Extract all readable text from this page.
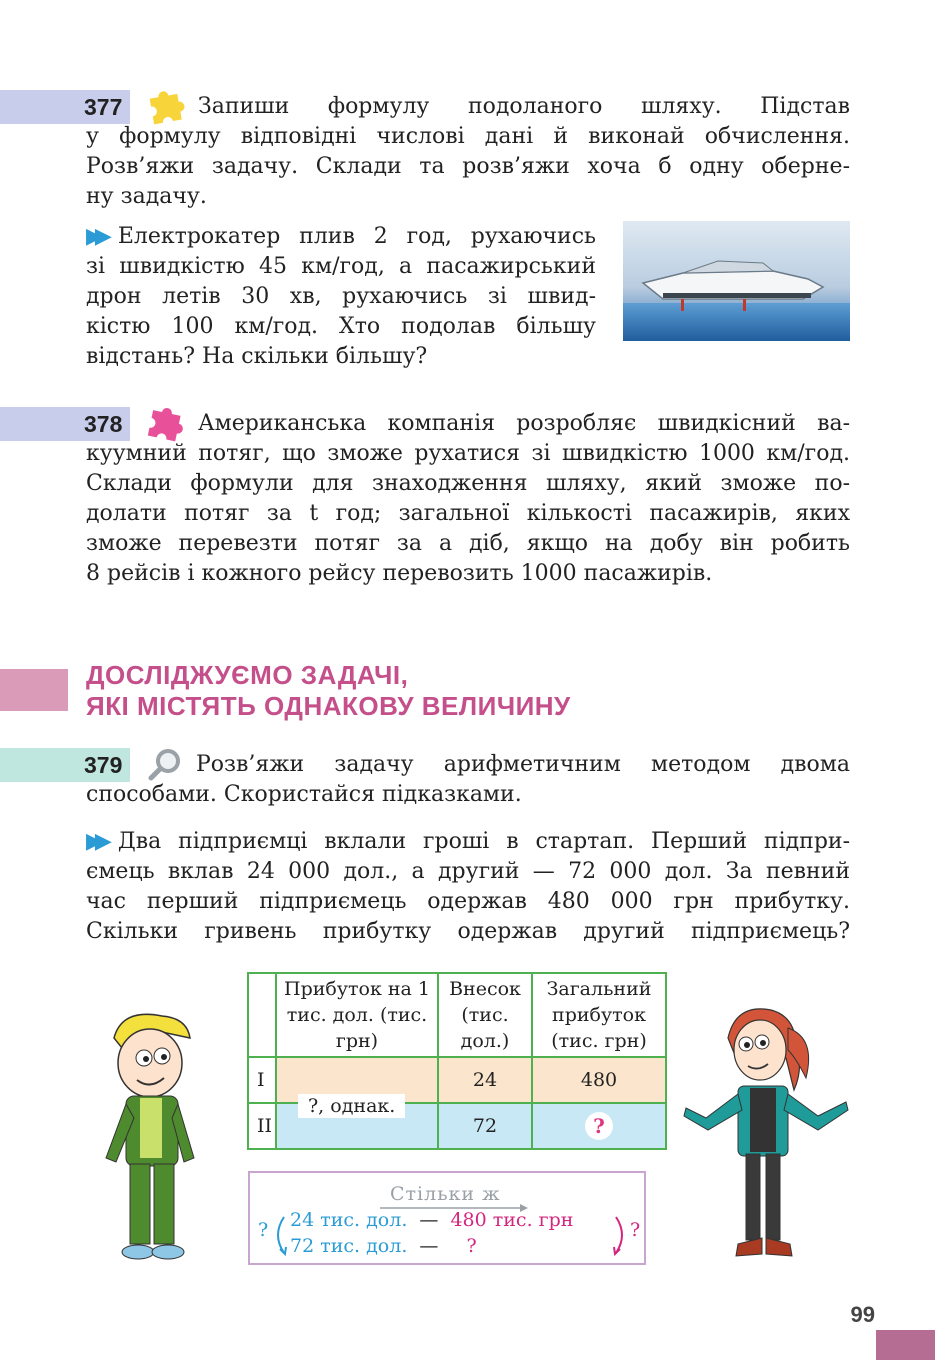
377	Запиши формулу подоланого шляху. Підстав
у формулу відповідні числові дані й виконай обчислення.
Розв’яжи задачу. Склади та розв’яжи хоча б одну оберне-
ну задачу.
▶▶ Електрокатер плив 2 год, рухаючись
зі швидкістю 45 км/год, а пасажирський
дрон летів 30 хв, рухаючись зі швид-
кістю 100 км/год. Хто подолав більшу
відстань? На скільки більшу?
378	Американська компанія розробляє швидкісний ва-
куумний потяг, що зможе рухатися зі швидкістю 1000 км/год.
Склади формули для знаходження шляху, який зможе по-
долати потяг за t год; загальної кількості пасажирів, яких
зможе перевезти потяг за a діб, якщо на добу він робить
8 рейсів і кожного рейсу перевозить 1000 пасажирів.
ДОСЛІДЖУЄМО ЗАДАЧІ,
ЯКІ МІСТЯТЬ ОДНАКОВУ ВЕЛИЧИНУ
379	Розв’яжи задачу арифметичним методом двома
способами. Скористайся підказками.
▶▶ Два підприємці вклали гроші в стартап. Перший підпри-
ємець вклав 24 000 дол., а другий — 72 000 дол. За певний
час перший підприємець одержав 480 000 грн прибутку.
Скільки гривень прибутку одержав другий підприємець?
	Прибуток на 1 тис. дол. (тис. грн)	Внесок (тис. дол.)	Загальний прибуток (тис. грн)
I		24	480
II		72	?
?, однак.
Стільки ж
24 тис. дол. — 480 тис. грн
72 тис. дол. — ?
?	?
99
